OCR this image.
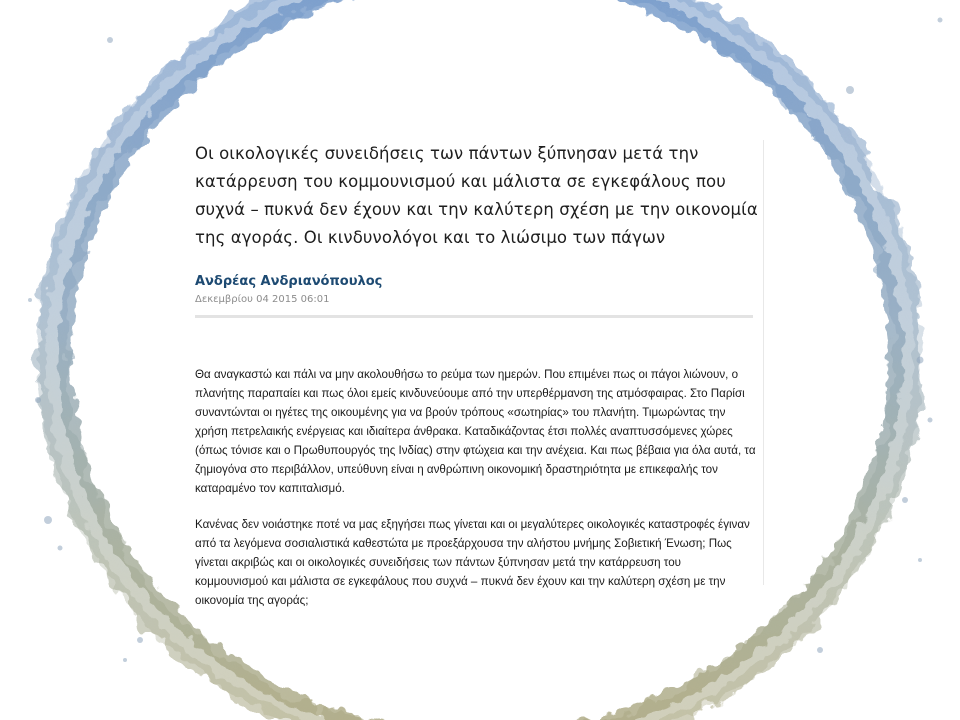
Οι οικολογικές συνειδήσεις των πάντων ξύπνησαν μετά την κατάρρευση του κομμουνισμού και μάλιστα σε εγκεφάλους που συχνά – πυκνά δεν έχουν και την καλύτερη σχέση με την οικονομία της αγοράς. Οι κινδυνολόγοι και το λιώσιμο των πάγων
Ανδρέας Ανδριανόπουλος
Δεκεμβρίου 04 2015 06:01

Θα αναγκαστώ και πάλι να μην ακολουθήσω το ρεύμα των ημερών. Που επιμένει πως οι πάγοι λιώνουν, ο πλανήτης παραπαίει και πως όλοι εμείς κινδυνεύουμε από την υπερθέρμανση της ατμόσφαιρας. Στο Παρίσι συναντώνται οι ηγέτες της οικουμένης για να βρούν τρόπους «σωτηρίας» του πλανήτη. Τιμωρώντας την χρήση πετρελαικής ενέργειας και ιδιαίτερα άνθρακα. Καταδικάζοντας έτσι πολλές αναπτυσσόμενες χώρες (όπως τόνισε και ο Πρωθυπουργός της Ινδίας) στην φτώχεια και την ανέχεια. Και πως βέβαια για όλα αυτά, τα ζημιογόνα στο περιβάλλον, υπεύθυνη είναι η ανθρώπινη οικονομική δραστηριότητα με επικεφαλής τον καταραμένο τον καπιταλισμό.

Κανένας δεν νοιάστηκε ποτέ να μας εξηγήσει πως γίνεται και οι μεγαλύτερες οικολογικές καταστροφές έγιναν από τα λεγόμενα σοσιαλιστικά καθεστώτα με προεξάρχουσα την αλήστου μνήμης Σοβιετική Ένωση; Πως γίνεται ακριβώς και οι οικολογικές συνειδήσεις των πάντων ξύπνησαν μετά την κατάρρευση του κομμουνισμού και μάλιστα σε εγκεφάλους που συχνά – πυκνά δεν έχουν και την καλύτερη σχέση με την οικονομία της αγοράς;
